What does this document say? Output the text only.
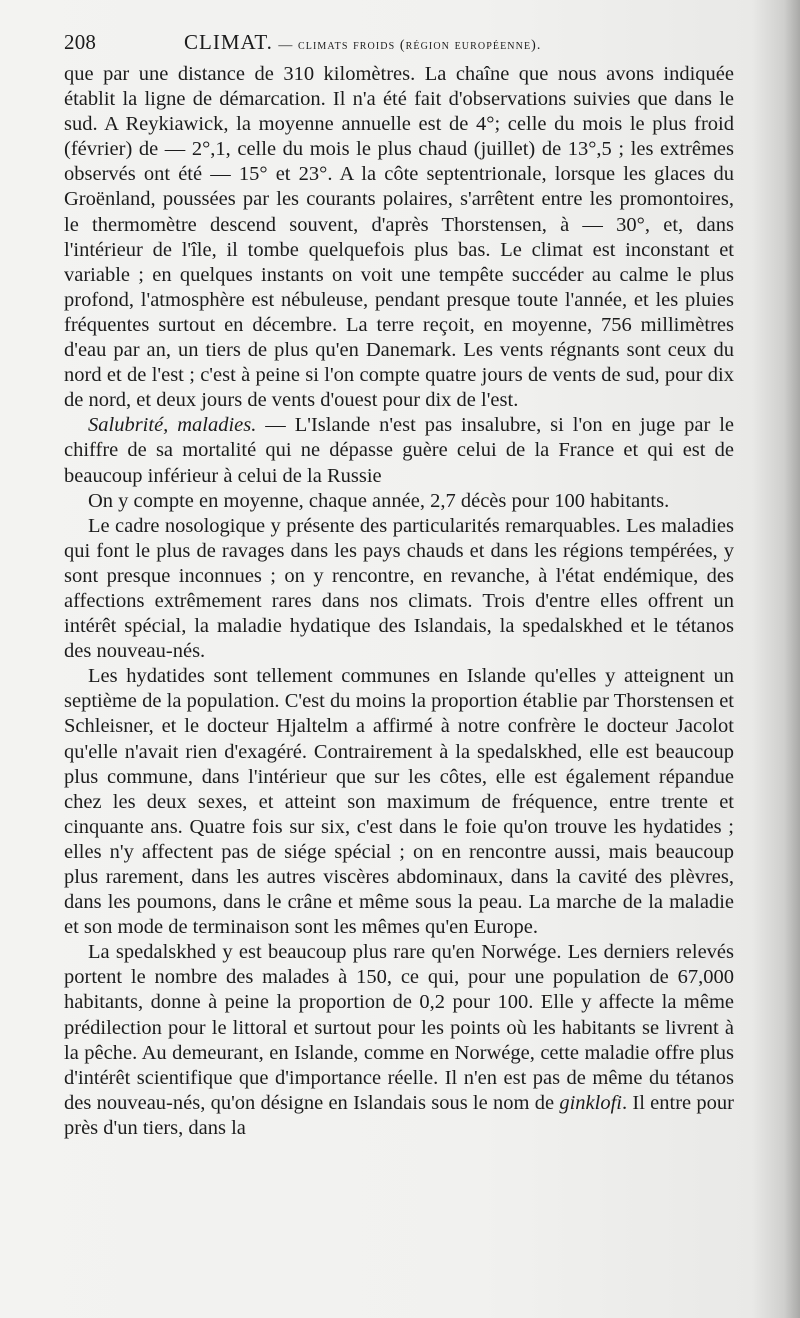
208	CLIMAT. — climats froids (région européenne).

que par une distance de 310 kilomètres. La chaîne que nous avons indiquée établit la ligne de démarcation. Il n'a été fait d'observations suivies que dans le sud. A Reykiawick, la moyenne annuelle est de 4°; celle du mois le plus froid (février) de — 2°,1, celle du mois le plus chaud (juillet) de 13°,5 ; les extrêmes observés ont été — 15° et 23°. A la côte septentrionale, lorsque les glaces du Groënland, poussées par les courants polaires, s'arrêtent entre les promontoires, le thermomètre descend souvent, d'après Thorstensen, à — 30°, et, dans l'intérieur de l'île, il tombe quelquefois plus bas. Le climat est inconstant et variable ; en quelques instants on voit une tempête succéder au calme le plus profond, l'atmosphère est nébuleuse, pendant presque toute l'année, et les pluies fréquentes surtout en décembre. La terre reçoit, en moyenne, 756 millimètres d'eau par an, un tiers de plus qu'en Danemark. Les vents régnants sont ceux du nord et de l'est ; c'est à peine si l'on compte quatre jours de vents de sud, pour dix de nord, et deux jours de vents d'ouest pour dix de l'est.

Salubrité, maladies. — L'Islande n'est pas insalubre, si l'on en juge par le chiffre de sa mortalité qui ne dépasse guère celui de la France et qui est de beaucoup inférieur à celui de la Russie

On y compte en moyenne, chaque année, 2,7 décès pour 100 habitants.

Le cadre nosologique y présente des particularités remarquables. Les maladies qui font le plus de ravages dans les pays chauds et dans les régions tempérées, y sont presque inconnues ; on y rencontre, en revanche, à l'état endémique, des affections extrêmement rares dans nos climats. Trois d'entre elles offrent un intérêt spécial, la maladie hydatique des Islandais, la spedalskhed et le tétanos des nouveau-nés.

Les hydatides sont tellement communes en Islande qu'elles y atteignent un septième de la population. C'est du moins la proportion établie par Thorstensen et Schleisner, et le docteur Hjaltelm a affirmé à notre confrère le docteur Jacolot qu'elle n'avait rien d'exagéré. Contrairement à la spedalskhed, elle est beaucoup plus commune, dans l'intérieur que sur les côtes, elle est également répandue chez les deux sexes, et atteint son maximum de fréquence, entre trente et cinquante ans. Quatre fois sur six, c'est dans le foie qu'on trouve les hydatides ; elles n'y affectent pas de siége spécial ; on en rencontre aussi, mais beaucoup plus rarement, dans les autres viscères abdominaux, dans la cavité des plèvres, dans les poumons, dans le crâne et même sous la peau. La marche de la maladie et son mode de terminaison sont les mêmes qu'en Europe.

La spedalskhed y est beaucoup plus rare qu'en Norwége. Les derniers relevés portent le nombre des malades à 150, ce qui, pour une population de 67,000 habitants, donne à peine la proportion de 0,2 pour 100. Elle y affecte la même prédilection pour le littoral et surtout pour les points où les habitants se livrent à la pêche. Au demeurant, en Islande, comme en Norwége, cette maladie offre plus d'intérêt scientifique que d'importance réelle. Il n'en est pas de même du tétanos des nouveau-nés, qu'on désigne en Islandais sous le nom de ginklofi. Il entre pour près d'un tiers, dans la
